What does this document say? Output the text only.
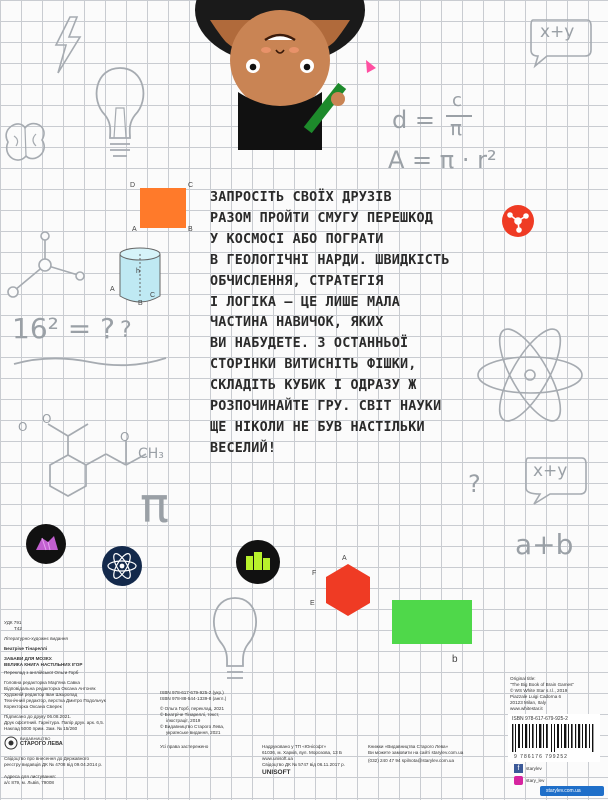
16² = ? ?
O
O
O
CH₃
π
x+y
d =
c
π
A = π · r²
x+y
a+b
?
D	C
A	B
h
A
B
C
ЗАПРОСІТЬ СВОЇХ ДРУЗІВ
РАЗОМ ПРОЙТИ СМУГУ ПЕРЕШКОД
У КОСМОСІ АБО ПОГРАТИ
В ГЕОЛОГІЧНІ НАРДИ. ШВИДКІСТЬ
ОБЧИСЛЕННЯ, СТРАТЕГІЯ
І ЛОГІКА — ЦЕ ЛИШЕ МАЛА
ЧАСТИНА НАВИЧОК, ЯКИХ
ВИ НАБУДЕТЕ. З ОСТАННЬОЇ
СТОРІНКИ ВИТИСНІТЬ ФІШКИ,
СКЛАДІТЬ КУБИК І ОДРАЗУ Ж
РОЗПОЧИНАЙТЕ ГРУ. СВІТ НАУКИ
ЩЕ НІКОЛИ НЕ БУВ НАСТІЛЬКИ
ВЕСЕЛИЙ!
F
E
A
b
УДК 791
Т42
Літературно-художнє видання
Беатріче Тінареллі
ЗАБАВИ ДЛЯ МОЗКУ.
ВЕЛИКА КНИГА НАСТІЛЬНИХ ІГОР
Переклад з англійської Ольги Горб
Головна редакторка Мар'яна Савка
Відповідальна редакторка Оксана Антоняк
Художній редактор Іван Шкоропад
Технічний редактор, верстка Дмитро Подольчук
Коректорка Оксана Сверек
Підписано до друку 06.08.2021.
Друк офсетний. Гарнітура. Папір друк. арк. 6,5.
Наклад 5000 прим. Зам. № 15/260
ВИДАВНИЦТВО
СТАРОГО ЛЕВА
Свідоцтво про внесення до Державного
реєстру видавців ДК № 4708 від 09.04.2014 р.
Адреса для листування:
а/с 879, м. Львів, 79008
ISBN 978-617-679-925-2 (укр.)
ISBN 978-88-544-1339-8 (англ.)
© Ольга Горб, переклад, 2021
© Беатріче Тінареллі, текст,
ілюстрації, 2019
© Видавництво Старого Лева,
українське видання, 2021
Усі права застережено	Надруковано у ТП «Юнісофт»
61036, м. Харків, вул. Морозова, 13 Б
www.unisoft.ua
Свідоцтво ДК № 5747 від 06.11.2017 р.
UNISOFT
Книжки «Видавництва Старого Лева»
Ви можете замовити на сайті starylev.com.ua
(032) 240 47 94 spilnota@starylev.com.ua
Original title:
"The Big Book of Brain Games"
© WS White Star s.r.l., 2019
Piazzale Luigi Cadorna 6
20123 Milan, Italy
www.whitestar.it
ISBN 978-617-679-925-2
9 786176 799252
f	starylev
stary_lev
starylev.com.ua
